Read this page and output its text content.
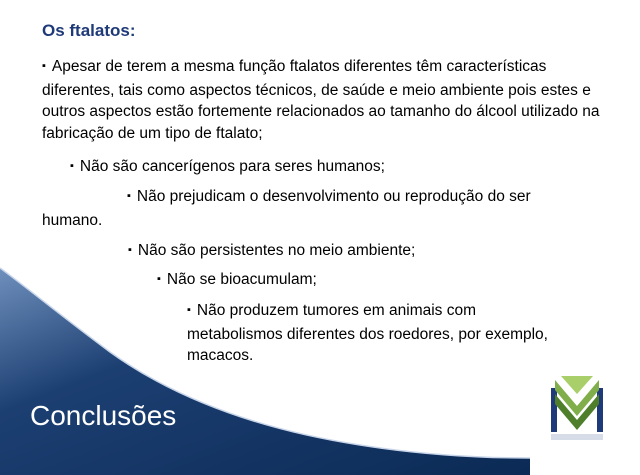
Os ftalatos:
▪ Apesar de terem a mesma função ftalatos diferentes têm características diferentes, tais como aspectos técnicos, de saúde e meio ambiente pois estes e outros aspectos estão fortemente relacionados ao tamanho do álcool utilizado na fabricação de um tipo de ftalato;
▪ Não são cancerígenos para seres humanos;
▪ Não prejudicam o desenvolvimento ou reprodução do ser
humano.
▪ Não são persistentes no meio ambiente;
▪ Não se bioacumulam;
▪ Não produzem tumores em animais com metabolismos diferentes dos roedores, por exemplo, macacos.
Conclusões
